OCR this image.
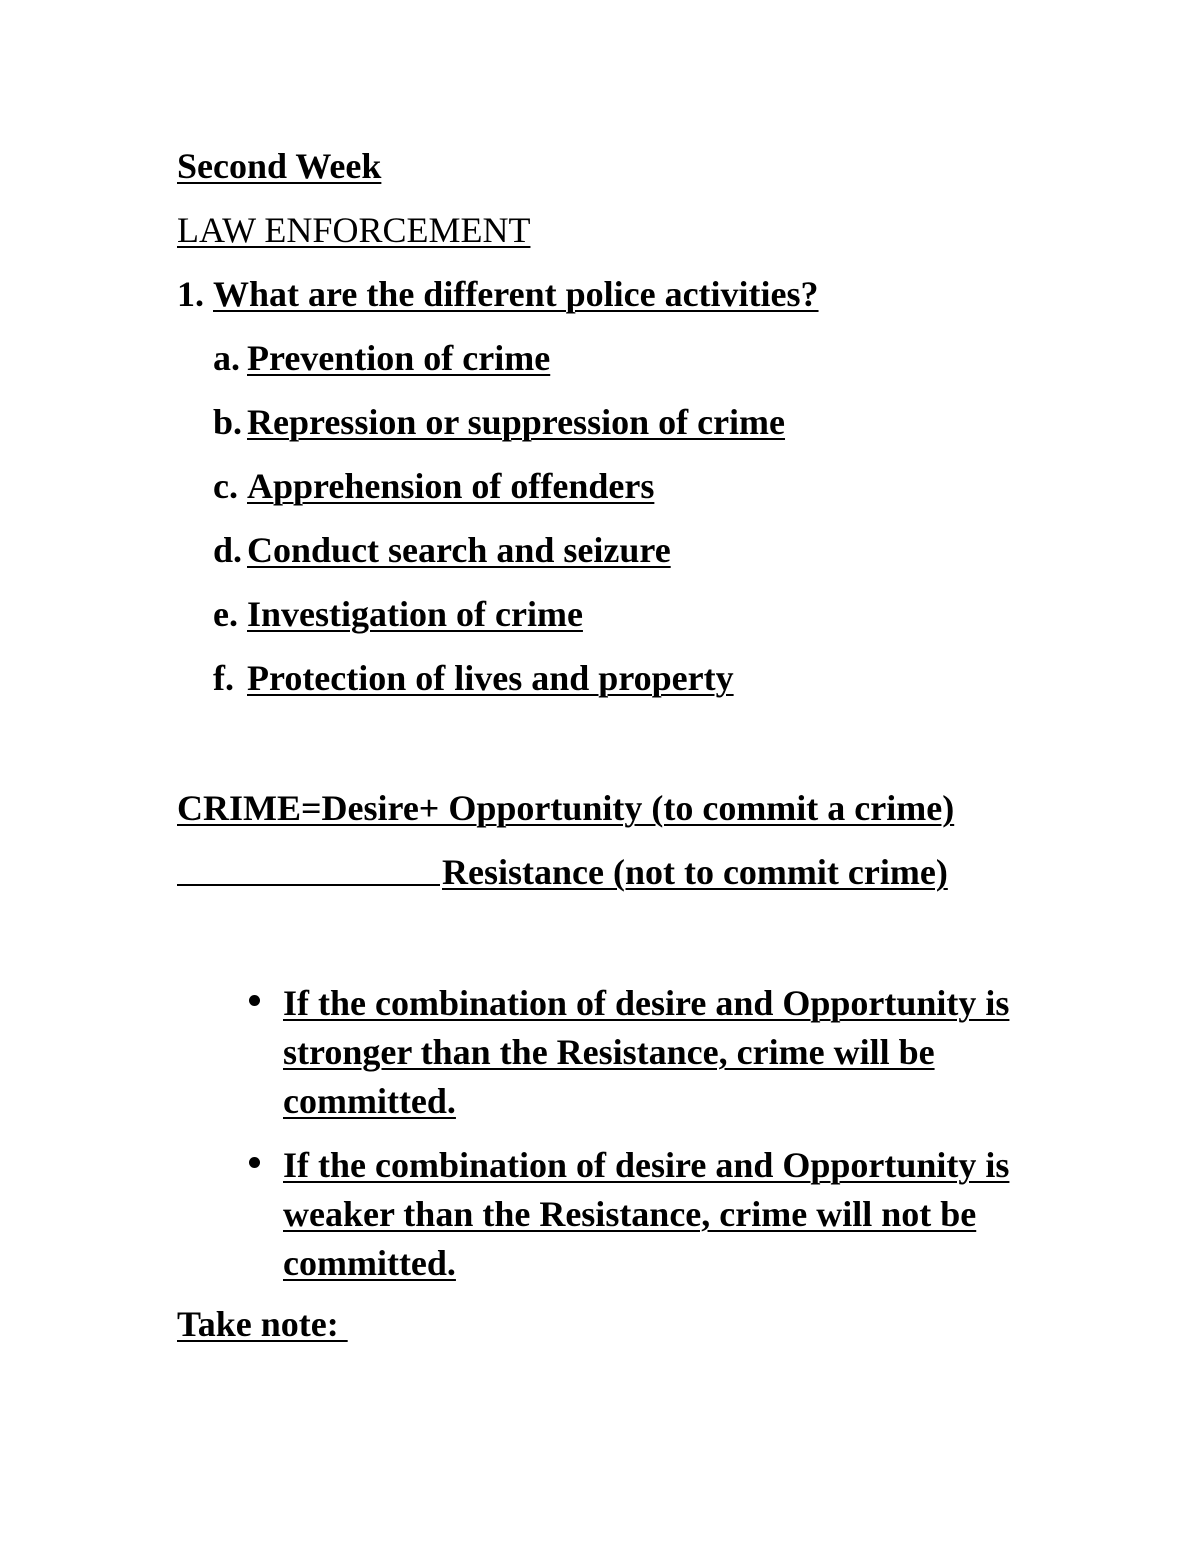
Second Week
LAW ENFORCEMENT
1. What are the different police activities?
a. Prevention of crime
b. Repression or suppression of crime
c. Apprehension of offenders
d. Conduct search and seizure
e. Investigation of crime
f. Protection of lives and property
CRIME=Desire+ Opportunity (to commit a crime)
Resistance (not to commit crime)
If the combination of desire and Opportunity is stronger than the Resistance, crime will be committed.
If the combination of desire and Opportunity is weaker than the Resistance, crime will not be committed.
Take note:
